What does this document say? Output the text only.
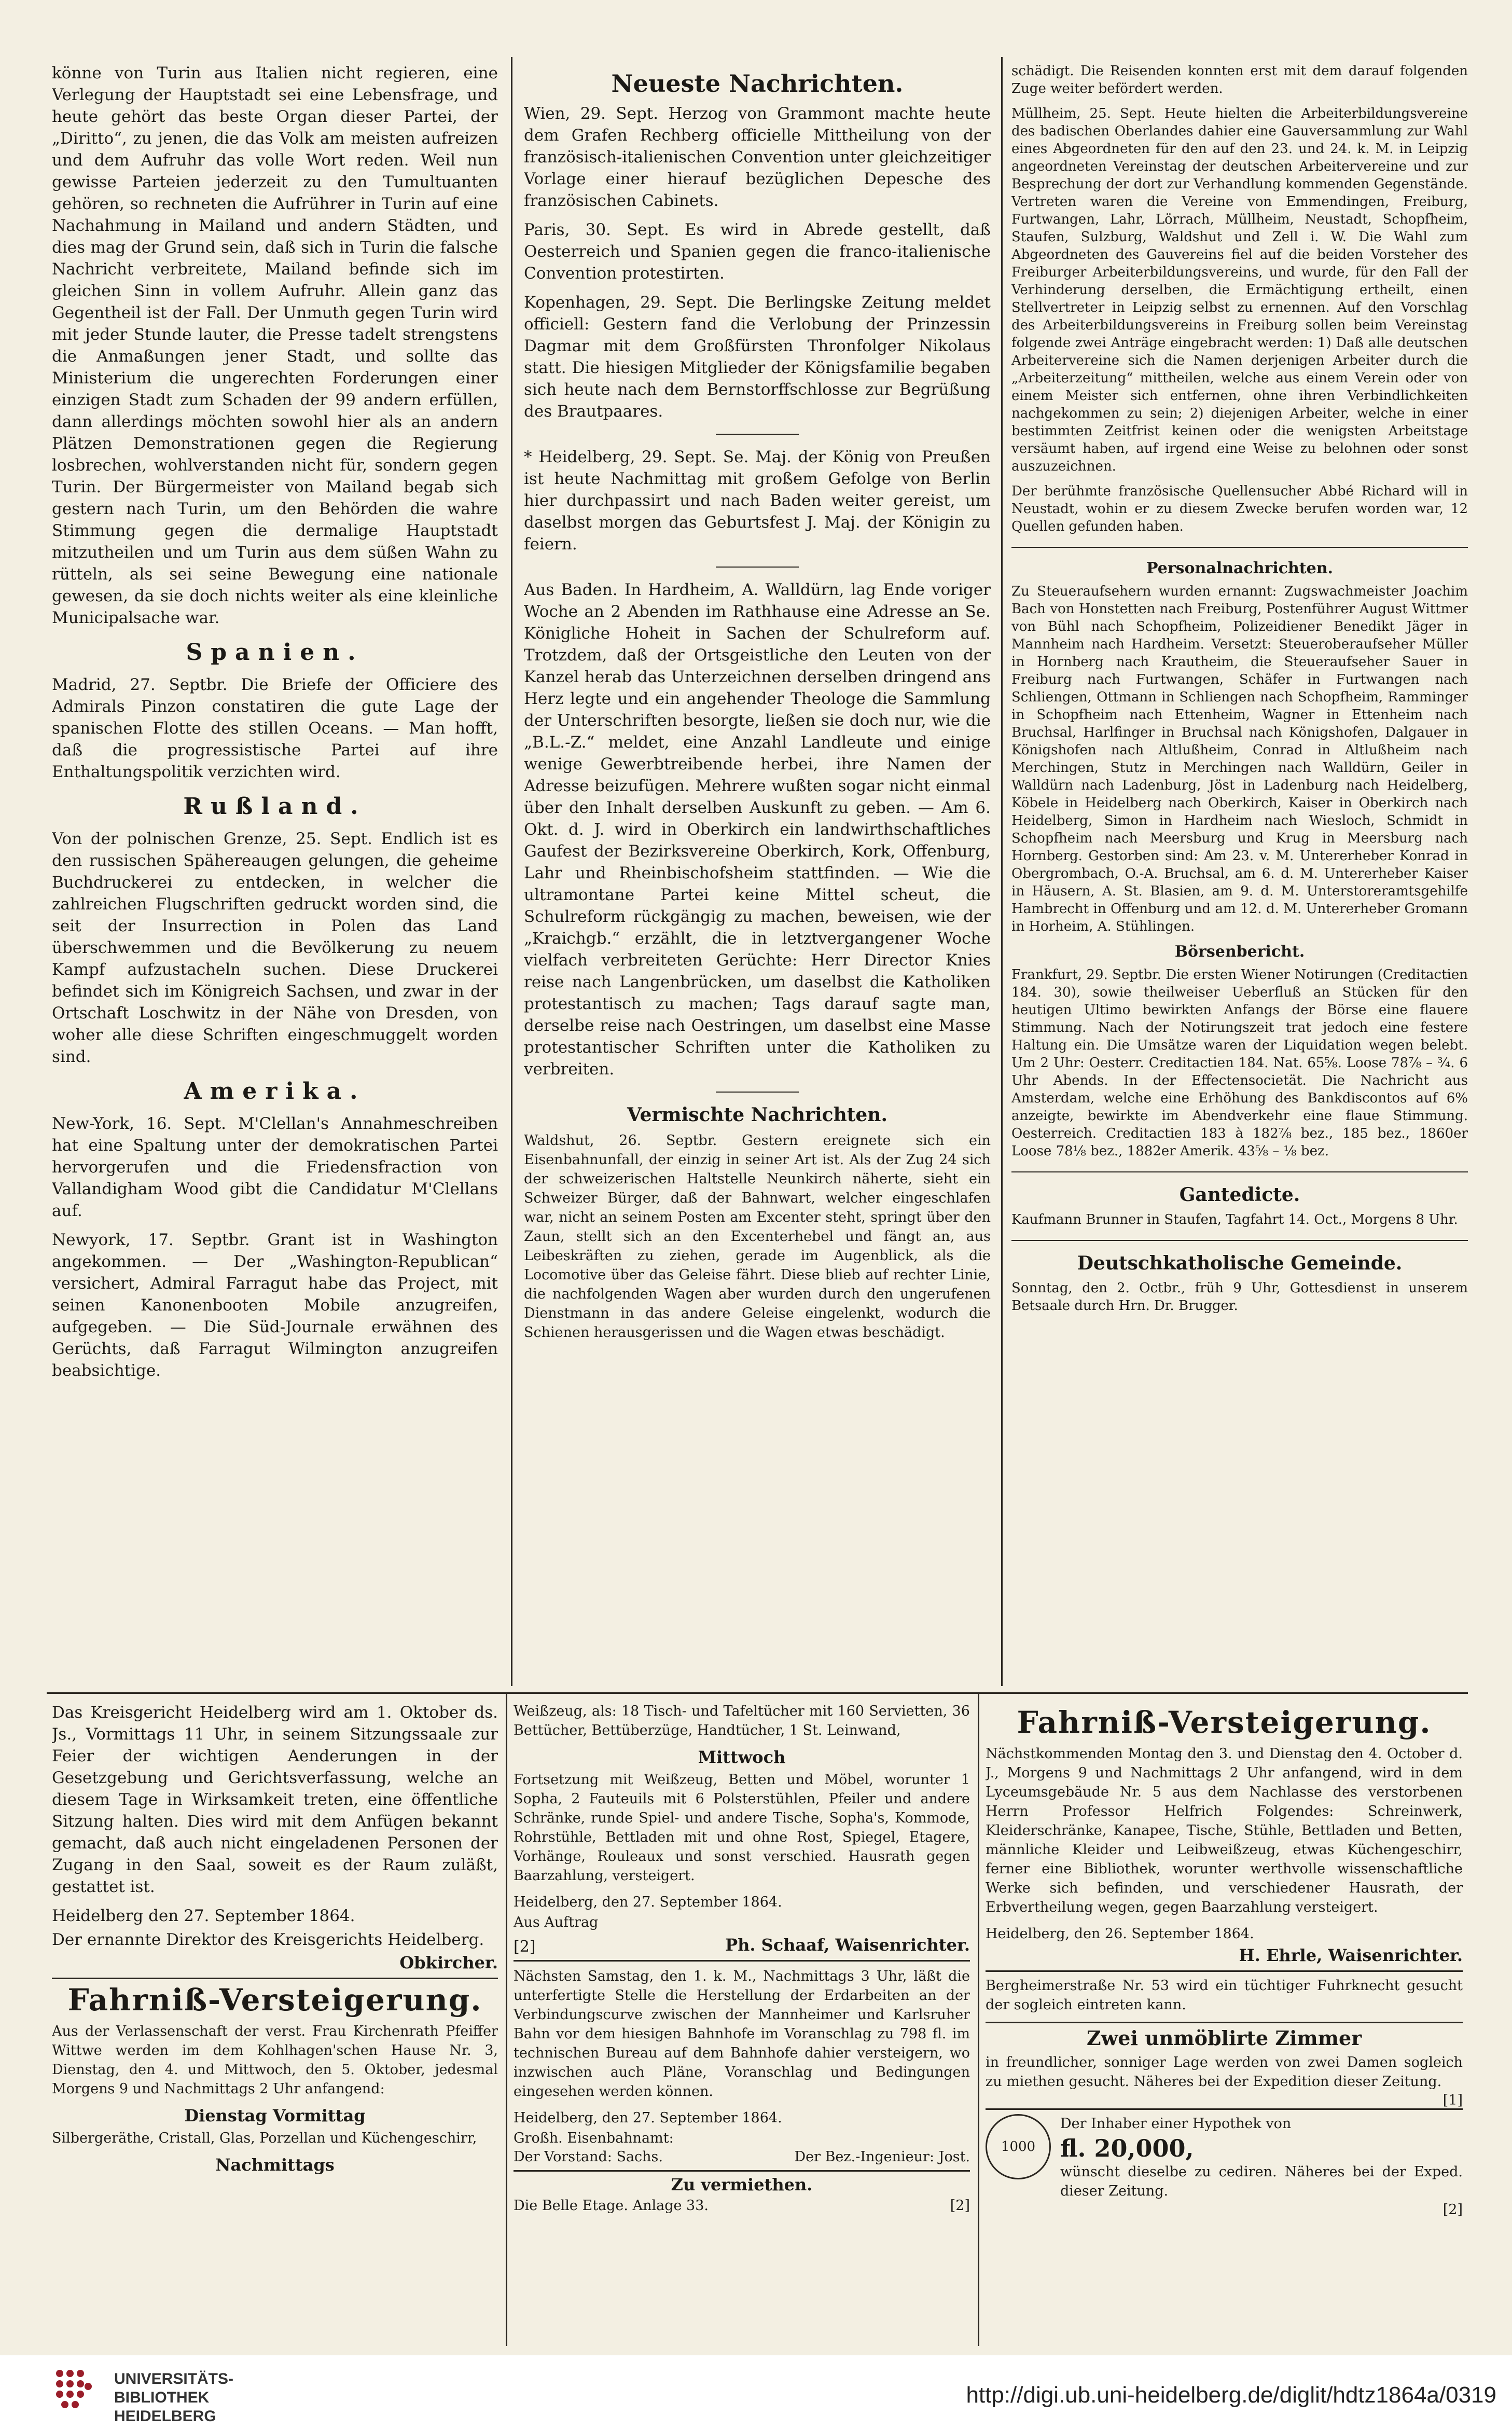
könne von Turin aus Italien nicht regieren, eine Verlegung der Hauptstadt sei eine Lebensfrage, und heute gehört das beste Organ dieser Partei, der „Diritto“, zu jenen, die das Volk am meisten aufreizen und dem Aufruhr das volle Wort reden. Weil nun gewisse Parteien jederzeit zu den Tumultuanten gehören, so rechneten die Aufrührer in Turin auf eine Nachahmung in Mailand und andern Städten, und dies mag der Grund sein, daß sich in Turin die falsche Nachricht verbreitete, Mailand befinde sich im gleichen Sinn in vollem Aufruhr. Allein ganz das Gegentheil ist der Fall. Der Unmuth gegen Turin wird mit jeder Stunde lauter, die Presse tadelt strengstens die Anmaßungen jener Stadt, und sollte das Ministerium die ungerechten Forderungen einer einzigen Stadt zum Schaden der 99 andern erfüllen, dann allerdings möchten sowohl hier als an andern Plätzen Demonstrationen gegen die Regierung losbrechen, wohlverstanden nicht für, sondern gegen Turin. Der Bürgermeister von Mailand begab sich gestern nach Turin, um den Behörden die wahre Stimmung gegen die dermalige Hauptstadt mitzutheilen und um Turin aus dem süßen Wahn zu rütteln, als sei seine Bewegung eine nationale gewesen, da sie doch nichts weiter als eine kleinliche Municipalsache war.

Spanien.

Madrid, 27. Septbr. Die Briefe der Officiere des Admirals Pinzon constatiren die gute Lage der spanischen Flotte des stillen Oceans. — Man hofft, daß die progressistische Partei auf ihre Enthaltungspolitik verzichten wird.

Rußland.

Von der polnischen Grenze, 25. Sept. Endlich ist es den russischen Spähereaugen gelungen, die geheime Buchdruckerei zu entdecken, in welcher die zahlreichen Flugschriften gedruckt worden sind, die seit der Insurrection in Polen das Land überschwemmen und die Bevölkerung zu neuem Kampf aufzustacheln suchen. Diese Druckerei befindet sich im Königreich Sachsen, und zwar in der Ortschaft Loschwitz in der Nähe von Dresden, von woher alle diese Schriften eingeschmuggelt worden sind.

Amerika.

New-York, 16. Sept. M'Clellan's Annahmeschreiben hat eine Spaltung unter der demokratischen Partei hervorgerufen und die Friedensfraction von Vallandigham Wood gibt die Candidatur M'Clellans auf.

Newyork, 17. Septbr. Grant ist in Washington angekommen. — Der „Washington-Republican“ versichert, Admiral Farragut habe das Project, mit seinen Kanonenbooten Mobile anzugreifen, aufgegeben. — Die Süd-Journale erwähnen des Gerüchts, daß Farragut Wilmington anzugreifen beabsichtige.

Neueste Nachrichten.

Wien, 29. Sept. Herzog von Grammont machte heute dem Grafen Rechberg officielle Mittheilung von der französisch-italienischen Convention unter gleichzeitiger Vorlage einer hierauf bezüglichen Depesche des französischen Cabinets.

Paris, 30. Sept. Es wird in Abrede gestellt, daß Oesterreich und Spanien gegen die franco-italienische Convention protestirten.

Kopenhagen, 29. Sept. Die Berlingske Zeitung meldet officiell: Gestern fand die Verlobung der Prinzessin Dagmar mit dem Großfürsten Thronfolger Nikolaus statt. Die hiesigen Mitglieder der Königsfamilie begaben sich heute nach dem Bernstorffschlosse zur Begrüßung des Brautpaares.

* Heidelberg, 29. Sept. Se. Maj. der König von Preußen ist heute Nachmittag mit großem Gefolge von Berlin hier durchpassirt und nach Baden weiter gereist, um daselbst morgen das Geburtsfest J. Maj. der Königin zu feiern.

Aus Baden. In Hardheim, A. Walldürn, lag Ende voriger Woche an 2 Abenden im Rathhause eine Adresse an Se. Königliche Hoheit in Sachen der Schulreform auf. Trotzdem, daß der Ortsgeistliche den Leuten von der Kanzel herab das Unterzeichnen derselben dringend ans Herz legte und ein angehender Theologe die Sammlung der Unterschriften besorgte, ließen sie doch nur, wie die „B.L.-Z.“ meldet, eine Anzahl Landleute und einige wenige Gewerbtreibende herbei, ihre Namen der Adresse beizufügen. Mehrere wußten sogar nicht einmal über den Inhalt derselben Auskunft zu geben. — Am 6. Okt. d. J. wird in Oberkirch ein landwirthschaftliches Gaufest der Bezirksvereine Oberkirch, Kork, Offenburg, Lahr und Rheinbischofsheim stattfinden. — Wie die ultramontane Partei keine Mittel scheut, die Schulreform rückgängig zu machen, beweisen, wie der „Kraichgb.“ erzählt, die in letztvergangener Woche vielfach verbreiteten Gerüchte: Herr Director Knies reise nach Langenbrücken, um daselbst die Katholiken protestantisch zu machen; Tags darauf sagte man, derselbe reise nach Oestringen, um daselbst eine Masse protestantischer Schriften unter die Katholiken zu verbreiten.

Vermischte Nachrichten.

Waldshut, 26. Septbr. Gestern ereignete sich ein Eisenbahnunfall, der einzig in seiner Art ist. Als der Zug 24 sich der schweizerischen Haltstelle Neunkirch näherte, sieht ein Schweizer Bürger, daß der Bahnwart, welcher eingeschlafen war, nicht an seinem Posten am Excenter steht, springt über den Zaun, stellt sich an den Excenterhebel und fängt an, aus Leibeskräften zu ziehen, gerade im Augenblick, als die Locomotive über das Geleise fährt. Diese blieb auf rechter Linie, die nachfolgenden Wagen aber wurden durch den ungerufenen Dienstmann in das andere Geleise eingelenkt, wodurch die Schienen herausgerissen und die Wagen etwas beschädigt.

schädigt. Die Reisenden konnten erst mit dem darauf folgenden Zuge weiter befördert werden.

Müllheim, 25. Sept. Heute hielten die Arbeiterbildungsvereine des badischen Oberlandes dahier eine Gauversammlung zur Wahl eines Abgeordneten für den auf den 23. und 24. k. M. in Leipzig angeordneten Vereinstag der deutschen Arbeitervereine und zur Besprechung der dort zur Verhandlung kommenden Gegenstände. Vertreten waren die Vereine von Emmendingen, Freiburg, Furtwangen, Lahr, Lörrach, Müllheim, Neustadt, Schopfheim, Staufen, Sulzburg, Waldshut und Zell i. W. Die Wahl zum Abgeordneten des Gauvereins fiel auf die beiden Vorsteher des Freiburger Arbeiterbildungsvereins, und wurde, für den Fall der Verhinderung derselben, die Ermächtigung ertheilt, einen Stellvertreter in Leipzig selbst zu ernennen. Auf den Vorschlag des Arbeiterbildungsvereins in Freiburg sollen beim Vereinstag folgende zwei Anträge eingebracht werden: 1) Daß alle deutschen Arbeitervereine sich die Namen derjenigen Arbeiter durch die „Arbeiterzeitung“ mittheilen, welche aus einem Verein oder von einem Meister sich entfernen, ohne ihren Verbindlichkeiten nachgekommen zu sein; 2) diejenigen Arbeiter, welche in einer bestimmten Zeitfrist keinen oder die wenigsten Arbeitstage versäumt haben, auf irgend eine Weise zu belohnen oder sonst auszuzeichnen.

Der berühmte französische Quellensucher Abbé Richard will in Neustadt, wohin er zu diesem Zwecke berufen worden war, 12 Quellen gefunden haben.

Personalnachrichten.

Zu Steueraufsehern wurden ernannt: Zugswachmeister Joachim Bach von Honstetten nach Freiburg, Postenführer August Wittmer von Bühl nach Schopfheim, Polizeidiener Benedikt Jäger in Mannheim nach Hardheim. Versetzt: Steueroberaufseher Müller in Hornberg nach Krautheim, die Steueraufseher Sauer in Freiburg nach Furtwangen, Schäfer in Furtwangen nach Schliengen, Ottmann in Schliengen nach Schopfheim, Ramminger in Schopfheim nach Ettenheim, Wagner in Ettenheim nach Bruchsal, Harlfinger in Bruchsal nach Königshofen, Dalgauer in Königshofen nach Altlußheim, Conrad in Altlußheim nach Merchingen, Stutz in Merchingen nach Walldürn, Geiler in Walldürn nach Ladenburg, Jöst in Ladenburg nach Heidelberg, Köbele in Heidelberg nach Oberkirch, Kaiser in Oberkirch nach Heidelberg, Simon in Hardheim nach Wiesloch, Schmidt in Schopfheim nach Meersburg und Krug in Meersburg nach Hornberg. Gestorben sind: Am 23. v. M. Untererheber Konrad in Obergrombach, O.-A. Bruchsal, am 6. d. M. Untererheber Kaiser in Häusern, A. St. Blasien, am 9. d. M. Unterstoreramtsgehilfe Hambrecht in Offenburg und am 12. d. M. Untererheber Gromann in Horheim, A. Stühlingen.

Börsenbericht.

Frankfurt, 29. Septbr. Die ersten Wiener Notirungen (Creditactien 184. 30), sowie theilweiser Ueberfluß an Stücken für den heutigen Ultimo bewirkten Anfangs der Börse eine flauere Stimmung. Nach der Notirungszeit trat jedoch eine festere Haltung ein. Die Umsätze waren der Liquidation wegen belebt. Um 2 Uhr: Oesterr. Creditactien 184. Nat. 65⅝. Loose 78⅞ – ¾. 6 Uhr Abends. In der Effectensocietät. Die Nachricht aus Amsterdam, welche eine Erhöhung des Bankdiscontos auf 6% anzeigte, bewirkte im Abendverkehr eine flaue Stimmung. Oesterreich. Creditactien 183 à 182⅞ bez., 185 bez., 1860er Loose 78⅛ bez., 1882er Amerik. 43⅝ – ⅛ bez.

Gantedicte.

Kaufmann Brunner in Staufen, Tagfahrt 14. Oct., Morgens 8 Uhr.

Deutschkatholische Gemeinde.

Sonntag, den 2. Octbr., früh 9 Uhr, Gottesdienst in unserem Betsaale durch Hrn. Dr. Brugger.

Das Kreisgericht Heidelberg wird am 1. Oktober ds. Js., Vormittags 11 Uhr, in seinem Sitzungssaale zur Feier der wichtigen Aenderungen in der Gesetzgebung und Gerichtsverfassung, welche an diesem Tage in Wirksamkeit treten, eine öffentliche Sitzung halten. Dies wird mit dem Anfügen bekannt gemacht, daß auch nicht eingeladenen Personen der Zugang in den Saal, soweit es der Raum zuläßt, gestattet ist.

Heidelberg den 27. September 1864.

Der ernannte Direktor des Kreisgerichts Heidelberg.

Obkircher.
Fahrniß-Versteigerung.

Aus der Verlassenschaft der verst. Frau Kirchenrath Pfeiffer Wittwe werden im dem Kohlhagen'schen Hause Nr. 3, Dienstag, den 4. und Mittwoch, den 5. Oktober, jedesmal Morgens 9 und Nachmittags 2 Uhr anfangend:

Dienstag Vormittag

Silbergeräthe, Cristall, Glas, Porzellan und Küchengeschirr,

Nachmittags

Weißzeug, als: 18 Tisch- und Tafeltücher mit 160 Servietten, 36 Bettücher, Bettüberzüge, Handtücher, 1 St. Leinwand,

Mittwoch

Fortsetzung mit Weißzeug, Betten und Möbel, worunter 1 Sopha, 2 Fauteuils mit 6 Polsterstühlen, Pfeiler und andere Schränke, runde Spiel- und andere Tische, Sopha's, Kommode, Rohrstühle, Bettladen mit und ohne Rost, Spiegel, Etagere, Vorhänge, Rouleaux und sonst verschied. Hausrath gegen Baarzahlung, versteigert.

Heidelberg, den 27. September 1864.

Aus Auftrag

[2]	Ph. Schaaf, Waisenrichter.

Nächsten Samstag, den 1. k. M., Nachmittags 3 Uhr, läßt die unterfertigte Stelle die Herstellung der Erdarbeiten an der Verbindungscurve zwischen der Mannheimer und Karlsruher Bahn vor dem hiesigen Bahnhofe im Voranschlag zu 798 fl. im technischen Bureau auf dem Bahnhofe dahier versteigern, wo inzwischen auch Pläne, Voranschlag und Bedingungen eingesehen werden können.

Heidelberg, den 27. September 1864.

Großh. Eisenbahnamt:

Der Vorstand: Sachs.	Der Bez.-Ingenieur: Jost.
Zu vermiethen.
Die Belle Etage. Anlage 33.	[2]
Fahrniß-Versteigerung.

Nächstkommenden Montag den 3. und Dienstag den 4. October d. J., Morgens 9 und Nachmittags 2 Uhr anfangend, wird in dem Lyceumsgebäude Nr. 5 aus dem Nachlasse des verstorbenen Herrn Professor Helfrich Folgendes: Schreinwerk, Kleiderschränke, Kanapee, Tische, Stühle, Bettladen und Betten, männliche Kleider und Leibweißzeug, etwas Küchengeschirr, ferner eine Bibliothek, worunter werthvolle wissenschaftliche Werke sich befinden, und verschiedener Hausrath, der Erbvertheilung wegen, gegen Baarzahlung versteigert.

Heidelberg, den 26. September 1864.

H. Ehrle, Waisenrichter.

Bergheimerstraße Nr. 53 wird ein tüchtiger Fuhrknecht gesucht der sogleich eintreten kann.

Zwei unmöblirte Zimmer

in freundlicher, sonniger Lage werden von zwei Damen sogleich zu miethen gesucht. Näheres bei der Expedition dieser Zeitung.

[1]
1000

Der Inhaber einer Hypothek von

fl. 20,000,

wünscht dieselbe zu cediren. Näheres bei der Exped. dieser Zeitung.

[2]
UNIVERSITÄTS-
BIBLIOTHEK
HEIDELBERG
http://digi.ub.uni-heidelberg.de/diglit/hdtz1864a/0319
